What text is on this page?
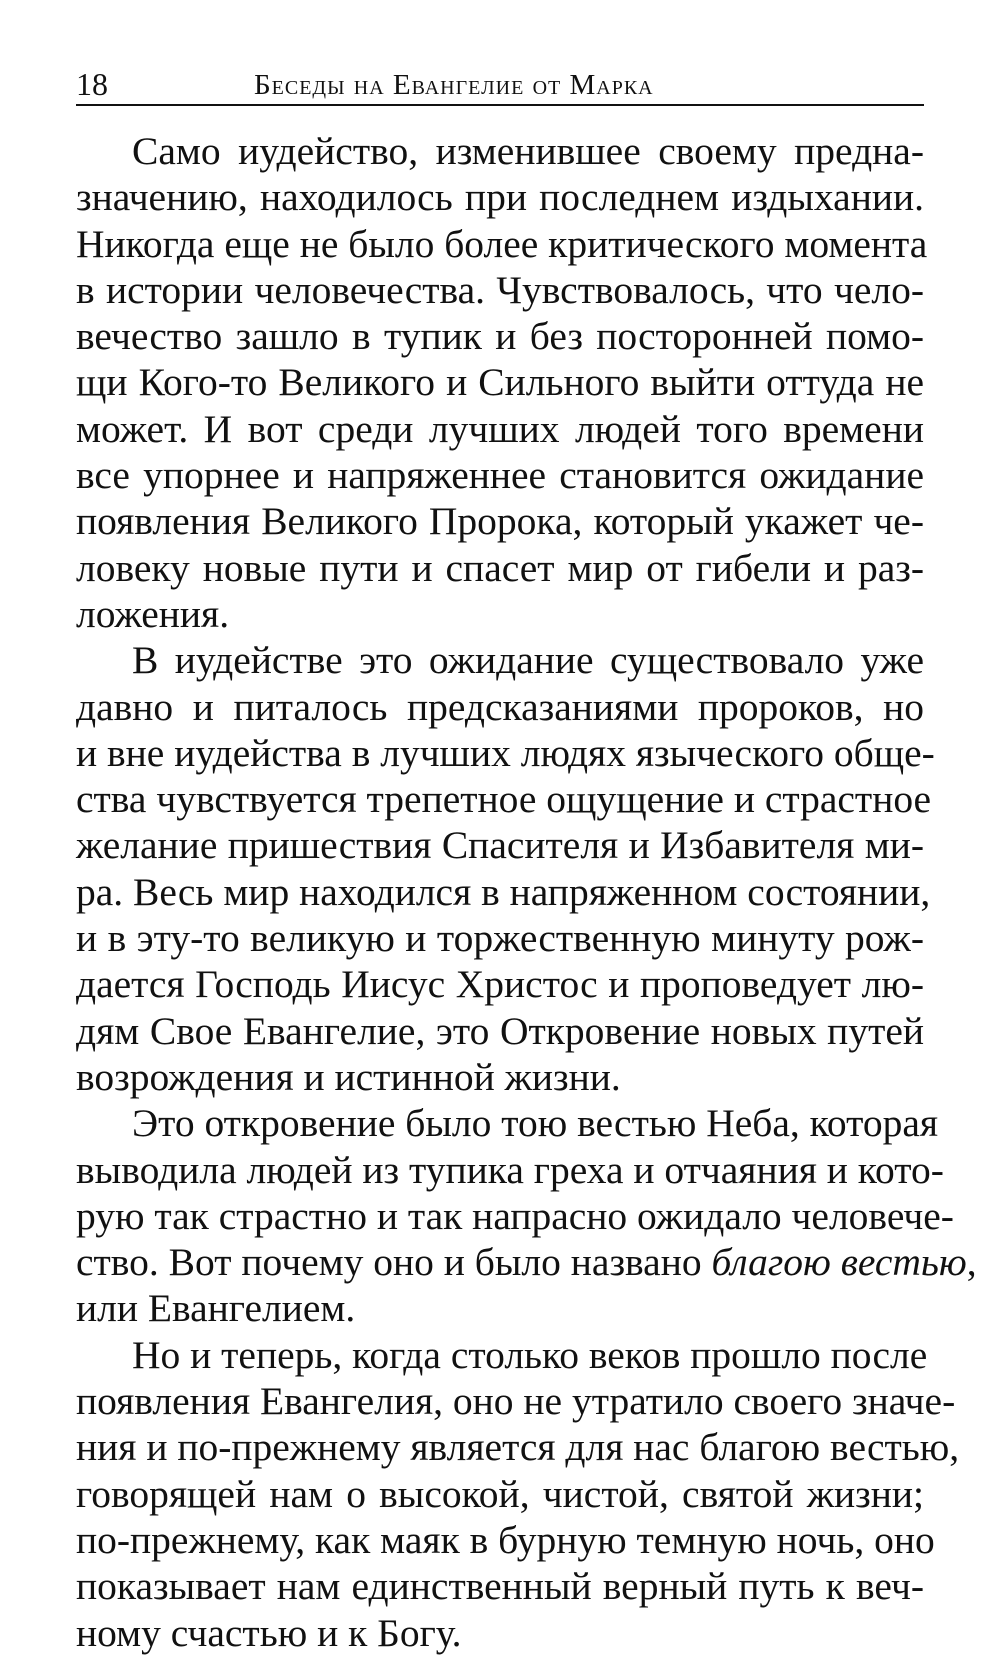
18	Беседы на Евангелие от Марка

Само иудейство, изменившее своему предна-
значению, находилось при последнем издыхании.
Никогда еще не было более критического момента
в истории человечества. Чувствовалось, что чело-
вечество зашло в тупик и без посторонней помо-
щи Кого-то Великого и Сильного выйти оттуда не
может. И вот среди лучших людей того времени
все упорнее и напряженнее становится ожидание
появления Великого Пророка, который укажет че-
ловеку новые пути и спасет мир от гибели и раз-
ложения.

В иудействе это ожидание существовало уже
давно и питалось предсказаниями пророков, но
и вне иудейства в лучших людях языческого обще-
ства чувствуется трепетное ощущение и страстное
желание пришествия Спасителя и Избавителя ми-
ра. Весь мир находился в напряженном состоянии,
и в эту-то великую и торжественную минуту рож-
дается Господь Иисус Христос и проповедует лю-
дям Свое Евангелие, это Откровение новых путей
возрождения и истинной жизни.

Это откровение было тою вестью Неба, которая
выводила людей из тупика греха и отчаяния и кото-
рую так страстно и так напрасно ожидало человече-
ство. Вот почему оно и было названо благою вестью,
или Евангелием.

Но и теперь, когда столько веков прошло после
появления Евангелия, оно не утратило своего значе-
ния и по-прежнему является для нас благою вестью,
говорящей нам о высокой, чистой, святой жизни;
по-прежнему, как маяк в бурную темную ночь, оно
показывает нам единственный верный путь к веч-
ному счастью и к Богу.
